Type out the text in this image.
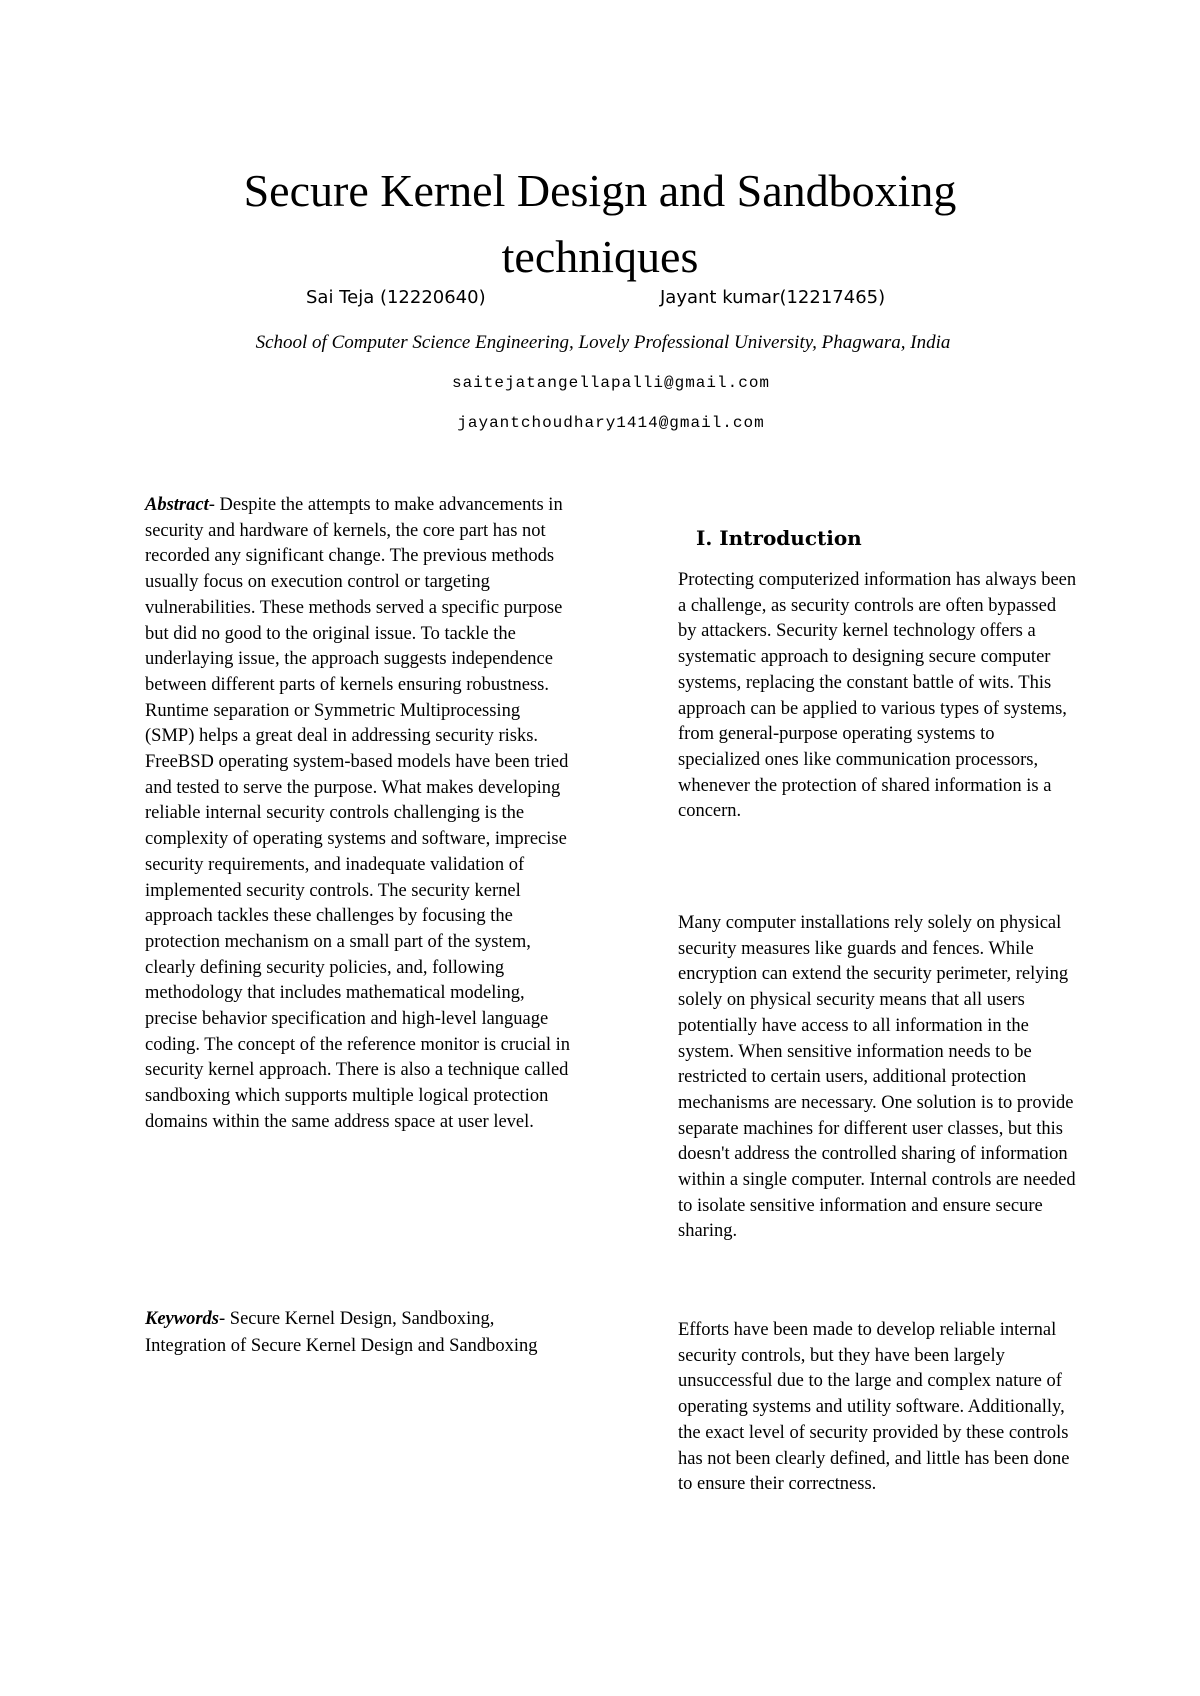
Secure Kernel Design and Sandboxing
techniques
Sai Teja (12220640)	Jayant kumar(12217465)
School of Computer Science Engineering, Lovely Professional University, Phagwara, India
saitejatangellapalli@gmail.com
jayantchoudhary1414@gmail.com

Abstract- Despite the attempts to make advancements in security and hardware of kernels, the core part has not recorded any significant change. The previous methods usually focus on execution control or targeting vulnerabilities. These methods served a specific purpose but did no good to the original issue. To tackle the underlaying issue, the approach suggests independence between different parts of kernels ensuring robustness. Runtime separation or Symmetric Multiprocessing (SMP) helps a great deal in addressing security risks. FreeBSD operating system-based models have been tried and tested to serve the purpose. What makes developing reliable internal security controls challenging is the complexity of operating systems and software, imprecise security requirements, and inadequate validation of implemented security controls. The security kernel approach tackles these challenges by focusing the protection mechanism on a small part of the system, clearly defining security policies, and, following methodology that includes mathematical modeling, precise behavior specification and high-level language coding. The concept of the reference monitor is crucial in security kernel approach. There is also a technique called sandboxing which supports multiple logical protection domains within the same address space at user level.

Keywords- Secure Kernel Design, Sandboxing, Integration of Secure Kernel Design and Sandboxing

I. Introduction

Protecting computerized information has always been a challenge, as security controls are often bypassed by attackers. Security kernel technology offers a systematic approach to designing secure computer systems, replacing the constant battle of wits. This approach can be applied to various types of systems, from general-purpose operating systems to specialized ones like communication processors, whenever the protection of shared information is a concern.

Many computer installations rely solely on physical security measures like guards and fences. While encryption can extend the security perimeter, relying solely on physical security means that all users potentially have access to all information in the system. When sensitive information needs to be restricted to certain users, additional protection mechanisms are necessary. One solution is to provide separate machines for different user classes, but this doesn't address the controlled sharing of information within a single computer. Internal controls are needed to isolate sensitive information and ensure secure sharing.

Efforts have been made to develop reliable internal security controls, but they have been largely unsuccessful due to the large and complex nature of operating systems and utility software. Additionally, the exact level of security provided by these controls has not been clearly defined, and little has been done to ensure their correctness.
